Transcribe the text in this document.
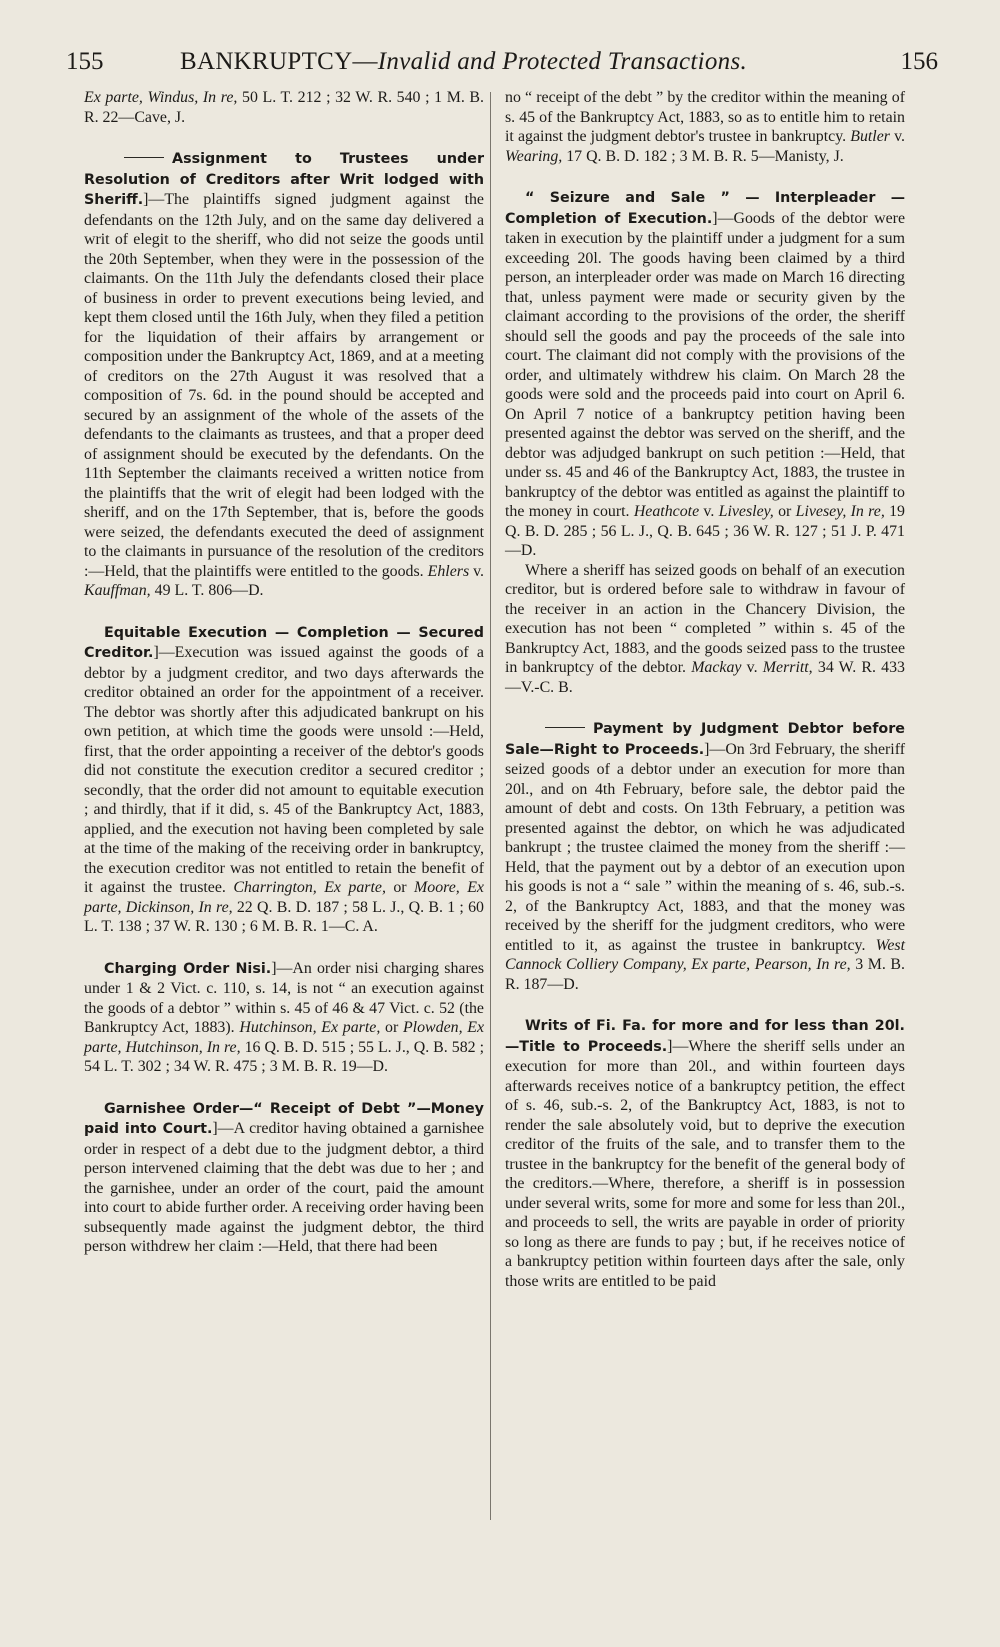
155	BANKRUPTCY—Invalid and Protected Transactions.	156

Ex parte, Windus, In re, 50 L. T. 212 ; 32 W. R. 540 ; 1 M. B. R. 22—Cave, J.

Assignment to Trustees under Resolution of Creditors after Writ lodged with Sheriff.]—The plaintiffs signed judgment against the defendants on the 12th July, and on the same day delivered a writ of elegit to the sheriff, who did not seize the goods until the 20th September, when they were in the possession of the claimants. On the 11th July the defendants closed their place of business in order to prevent executions being levied, and kept them closed until the 16th July, when they filed a petition for the liquidation of their affairs by arrangement or composition under the Bankruptcy Act, 1869, and at a meeting of creditors on the 27th August it was resolved that a composition of 7s. 6d. in the pound should be accepted and secured by an assignment of the whole of the assets of the defendants to the claimants as trustees, and that a proper deed of assignment should be executed by the defendants. On the 11th September the claimants received a written notice from the plaintiffs that the writ of elegit had been lodged with the sheriff, and on the 17th September, that is, before the goods were seized, the defendants executed the deed of assignment to the claimants in pursuance of the resolution of the creditors :—Held, that the plaintiffs were entitled to the goods. Ehlers v. Kauffman, 49 L. T. 806—D.

Equitable Execution — Completion — Secured Creditor.]—Execution was issued against the goods of a debtor by a judgment creditor, and two days afterwards the creditor obtained an order for the appointment of a receiver. The debtor was shortly after this adjudicated bankrupt on his own petition, at which time the goods were unsold :—Held, first, that the order appointing a receiver of the debtor's goods did not constitute the execution creditor a secured creditor ; secondly, that the order did not amount to equitable execution ; and thirdly, that if it did, s. 45 of the Bankruptcy Act, 1883, applied, and the execution not having been completed by sale at the time of the making of the receiving order in bankruptcy, the execution creditor was not entitled to retain the benefit of it against the trustee. Charrington, Ex parte, or Moore, Ex parte, Dickinson, In re, 22 Q. B. D. 187 ; 58 L. J., Q. B. 1 ; 60 L. T. 138 ; 37 W. R. 130 ; 6 M. B. R. 1—C. A.

Charging Order Nisi.]—An order nisi charging shares under 1 & 2 Vict. c. 110, s. 14, is not “ an execution against the goods of a debtor ” within s. 45 of 46 & 47 Vict. c. 52 (the Bankruptcy Act, 1883). Hutchinson, Ex parte, or Plowden, Ex parte, Hutchinson, In re, 16 Q. B. D. 515 ; 55 L. J., Q. B. 582 ; 54 L. T. 302 ; 34 W. R. 475 ; 3 M. B. R. 19—D.

Garnishee Order—“ Receipt of Debt ”—Money paid into Court.]—A creditor having obtained a garnishee order in respect of a debt due to the judgment debtor, a third person intervened claiming that the debt was due to her ; and the garnishee, under an order of the court, paid the amount into court to abide further order. A receiving order having been subsequently made against the judgment debtor, the third person withdrew her claim :—Held, that there had been

no “ receipt of the debt ” by the creditor within the meaning of s. 45 of the Bankruptcy Act, 1883, so as to entitle him to retain it against the judgment debtor's trustee in bankruptcy. Butler v. Wearing, 17 Q. B. D. 182 ; 3 M. B. R. 5—Manisty, J.

“ Seizure and Sale ” — Interpleader — Completion of Execution.]—Goods of the debtor were taken in execution by the plaintiff under a judgment for a sum exceeding 20l. The goods having been claimed by a third person, an interpleader order was made on March 16 directing that, unless payment were made or security given by the claimant according to the provisions of the order, the sheriff should sell the goods and pay the proceeds of the sale into court. The claimant did not comply with the provisions of the order, and ultimately withdrew his claim. On March 28 the goods were sold and the proceeds paid into court on April 6. On April 7 notice of a bankruptcy petition having been presented against the debtor was served on the sheriff, and the debtor was adjudged bankrupt on such petition :—Held, that under ss. 45 and 46 of the Bankruptcy Act, 1883, the trustee in bankruptcy of the debtor was entitled as against the plaintiff to the money in court. Heathcote v. Livesley, or Livesey, In re, 19 Q. B. D. 285 ; 56 L. J., Q. B. 645 ; 36 W. R. 127 ; 51 J. P. 471—D.

Where a sheriff has seized goods on behalf of an execution creditor, but is ordered before sale to withdraw in favour of the receiver in an action in the Chancery Division, the execution has not been “ completed ” within s. 45 of the Bankruptcy Act, 1883, and the goods seized pass to the trustee in bankruptcy of the debtor. Mackay v. Merritt, 34 W. R. 433—V.-C. B.

Payment by Judgment Debtor before Sale—Right to Proceeds.]—On 3rd February, the sheriff seized goods of a debtor under an execution for more than 20l., and on 4th February, before sale, the debtor paid the amount of debt and costs. On 13th February, a petition was presented against the debtor, on which he was adjudicated bankrupt ; the trustee claimed the money from the sheriff :—Held, that the payment out by a debtor of an execution upon his goods is not a “ sale ” within the meaning of s. 46, sub.-s. 2, of the Bankruptcy Act, 1883, and that the money was received by the sheriff for the judgment creditors, who were entitled to it, as against the trustee in bankruptcy. West Cannock Colliery Company, Ex parte, Pearson, In re, 3 M. B. R. 187—D.

Writs of Fi. Fa. for more and for less than 20l.—Title to Proceeds.]—Where the sheriff sells under an execution for more than 20l., and within fourteen days afterwards receives notice of a bankruptcy petition, the effect of s. 46, sub.-s. 2, of the Bankruptcy Act, 1883, is not to render the sale absolutely void, but to deprive the execution creditor of the fruits of the sale, and to transfer them to the trustee in the bankruptcy for the benefit of the general body of the creditors.—Where, therefore, a sheriff is in possession under several writs, some for more and some for less than 20l., and proceeds to sell, the writs are payable in order of priority so long as there are funds to pay ; but, if he receives notice of a bankruptcy petition within fourteen days after the sale, only those writs are entitled to be paid
